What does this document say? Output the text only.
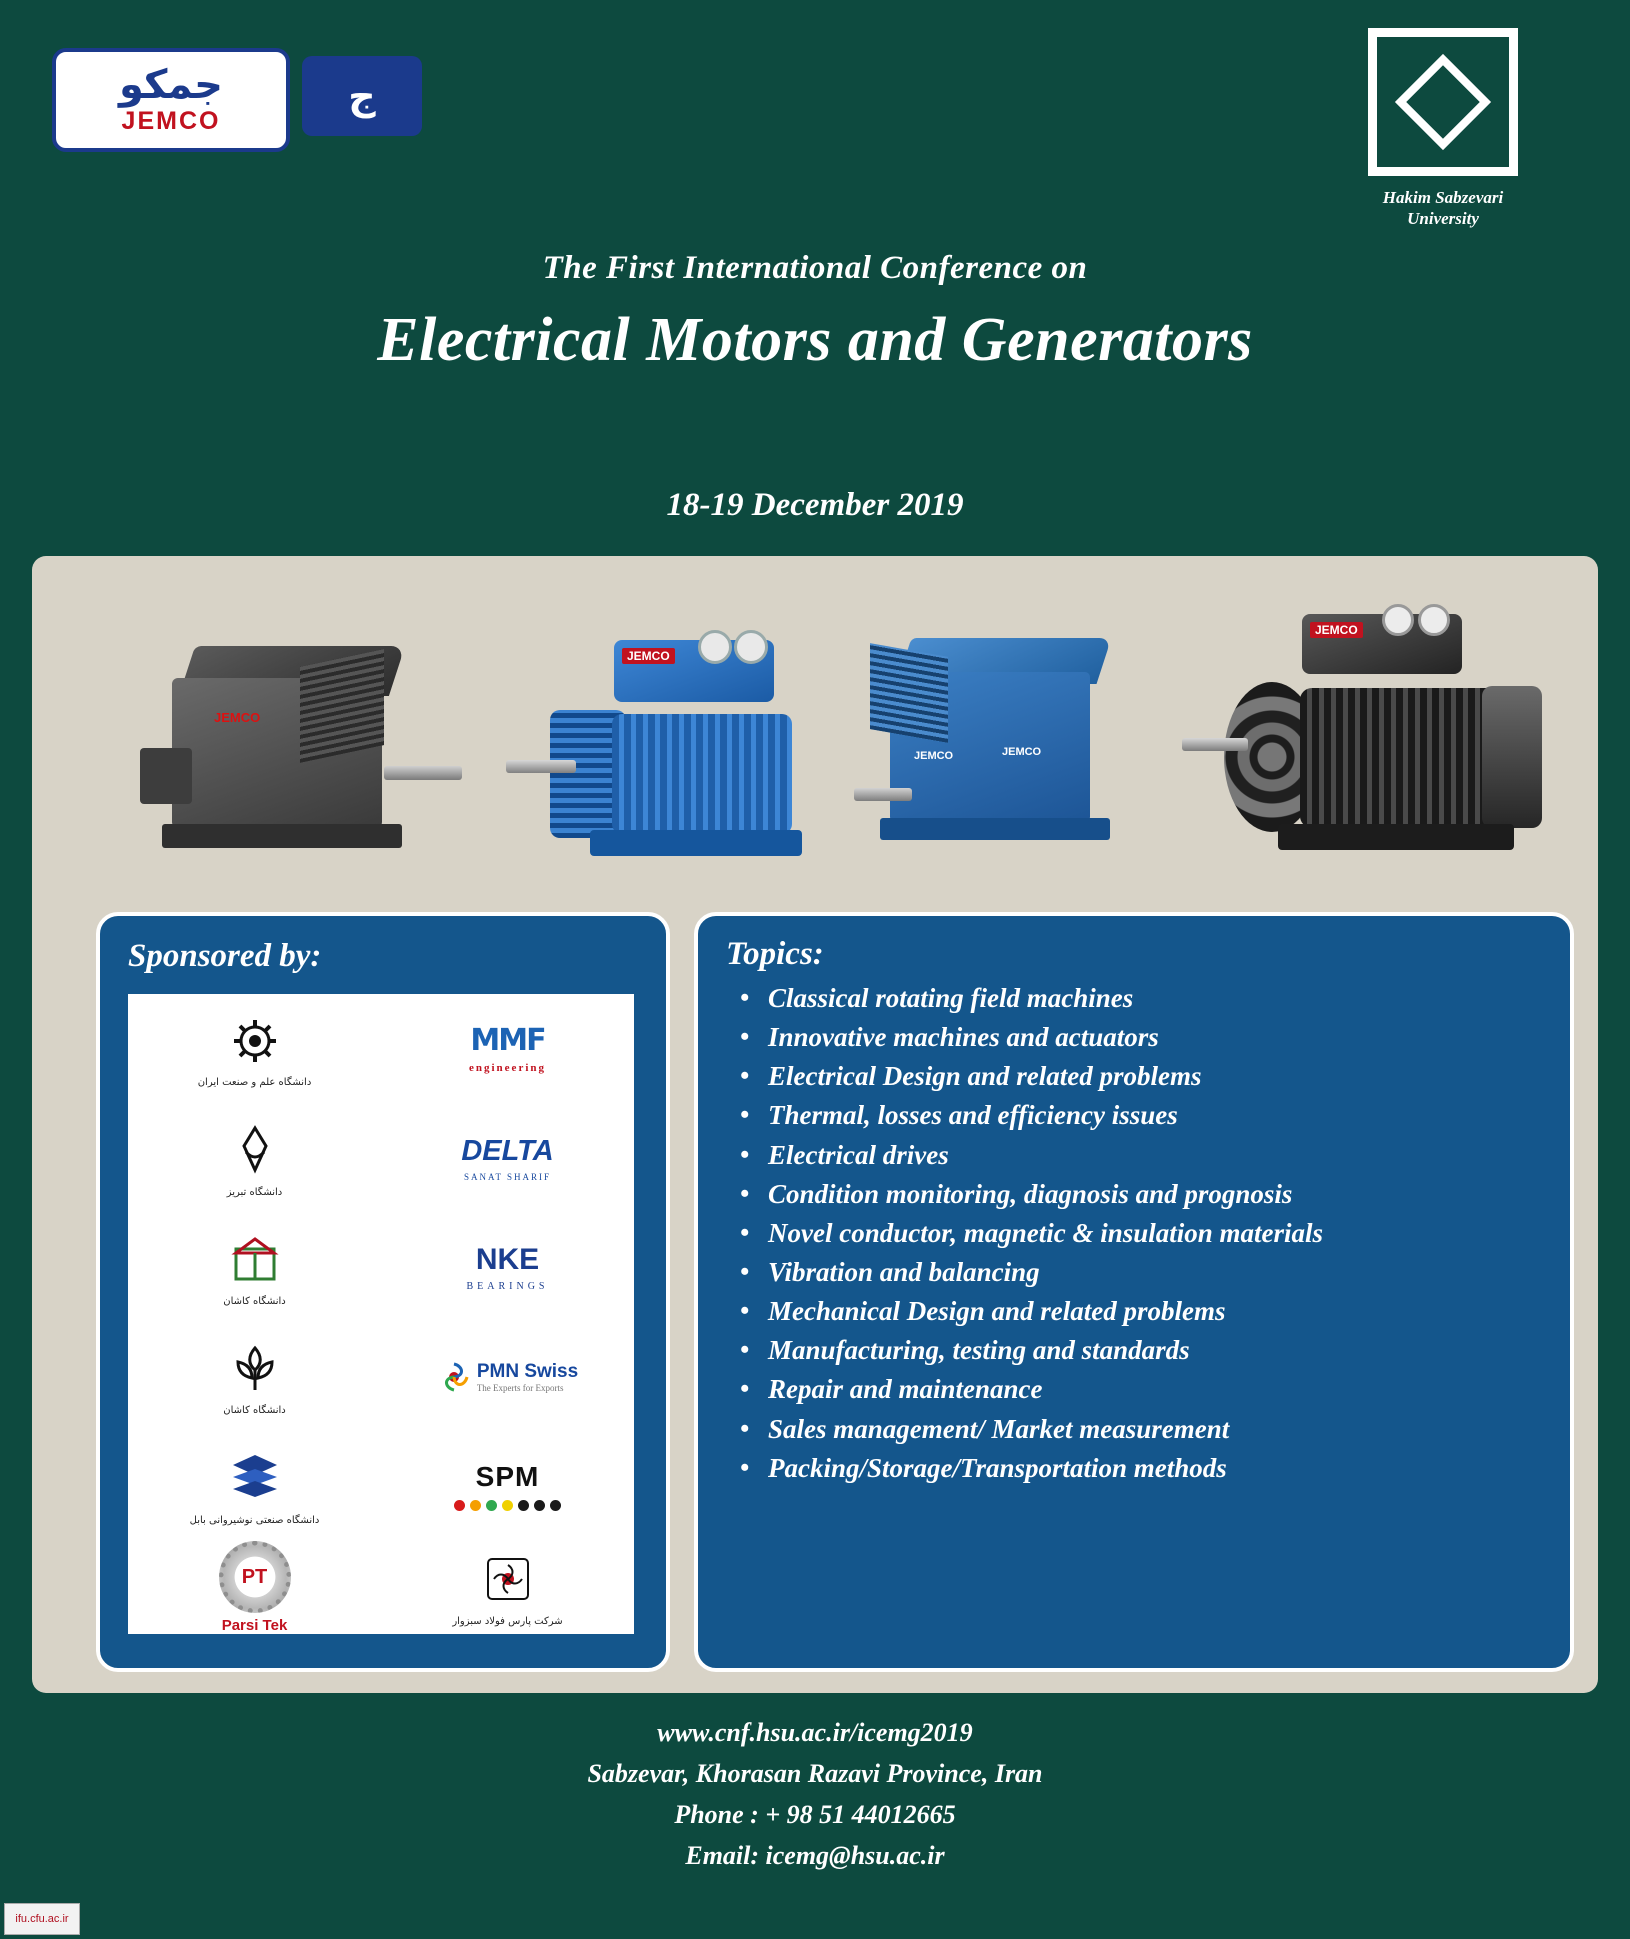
جمکو
JEMCO
ج
Hakim Sabzevari
University
The First International Conference on
Electrical Motors and Generators
18-19 December 2019
JEMCO
JEMCO
JEMCO	JEMCO
JEMCO
Sponsored by:
دانشگاه علم و صنعت ایران
MMF
engineering
دانشگاه تبریز
DELTA
SANAT SHARIF
دانشگاه کاشان
NKE
BEARINGS
دانشگاه کاشان
PMN Swiss
The Experts for Exports
دانشگاه صنعتی نوشیروانی بابل
SPM
PT
Parsi Tek	شرکت پارس فولاد سبزوار
Topics:
• Classical rotating field machines
• Innovative machines and actuators
• Electrical Design and related problems
• Thermal, losses and efficiency issues
• Electrical drives
• Condition monitoring, diagnosis and prognosis
• Novel conductor, magnetic & insulation materials
• Vibration and balancing
• Mechanical Design and related problems
• Manufacturing, testing and standards
• Repair and maintenance
• Sales management/ Market measurement
• Packing/Storage/Transportation methods
www.cnf.hsu.ac.ir/icemg2019
Sabzevar, Khorasan Razavi Province, Iran
Phone : + 98 51 44012665
Email: icemg@hsu.ac.ir
ifu.cfu.ac.ir
